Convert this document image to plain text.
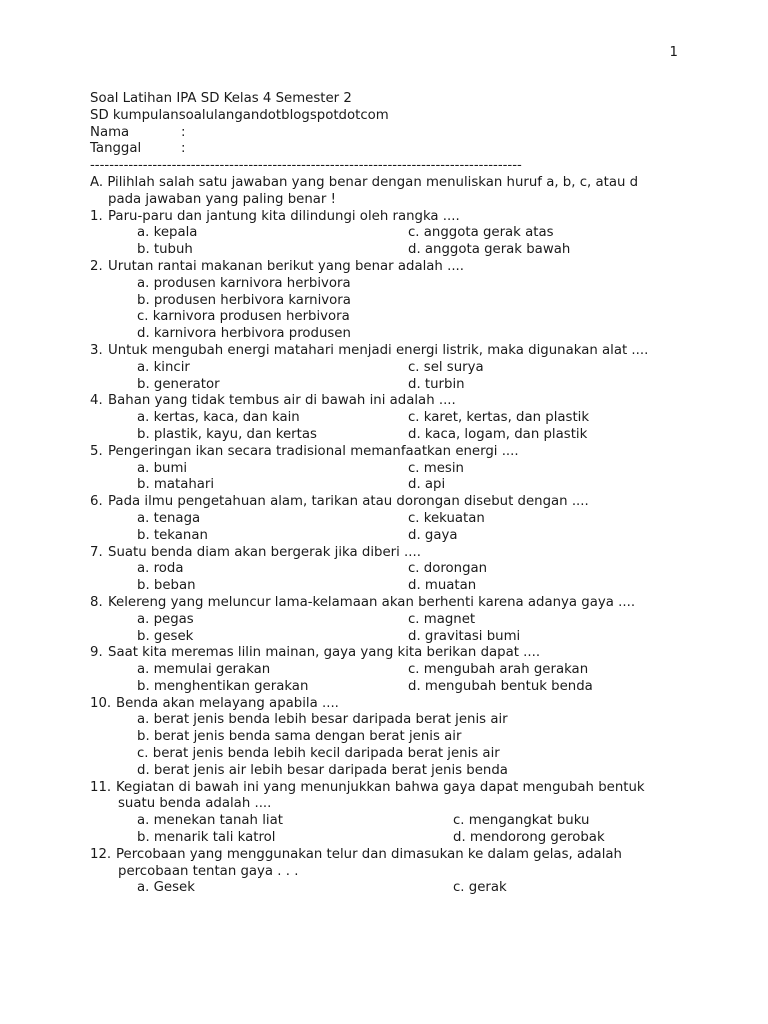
1
Soal Latihan IPA SD Kelas 4 Semester 2
SD kumpulansoalulangandotblogspotdotcom
Nama	:
Tanggal	:
------------------------------------------------------------------------------------------
A. Pilihlah salah satu jawaban yang benar dengan menuliskan huruf a, b, c, atau d
pada jawaban yang paling benar !
1. Paru-paru dan jantung kita dilindungi oleh rangka ....
a. kepala	c. anggota gerak atas
b. tubuh	d. anggota gerak bawah
2. Urutan rantai makanan berikut yang benar adalah ....
a. produsen karnivora herbivora
b. produsen herbivora karnivora
c. karnivora produsen herbivora
d. karnivora herbivora produsen
3. Untuk mengubah energi matahari menjadi energi listrik, maka digunakan alat ....
a. kincir	c. sel surya
b. generator	d. turbin
4. Bahan yang tidak tembus air di bawah ini adalah ....
a. kertas, kaca, dan kain	c. karet, kertas, dan plastik
b. plastik, kayu, dan kertas	d. kaca, logam, dan plastik
5. Pengeringan ikan secara tradisional memanfaatkan energi ....
a. bumi	c. mesin
b. matahari	d. api
6. Pada ilmu pengetahuan alam, tarikan atau dorongan disebut dengan ....
a. tenaga	c. kekuatan
b. tekanan	d. gaya
7. Suatu benda diam akan bergerak jika diberi ....
a. roda	c. dorongan
b. beban	d. muatan
8. Kelereng yang meluncur lama-kelamaan akan berhenti karena adanya gaya ....
a. pegas	c. magnet
b. gesek	d. gravitasi bumi
9. Saat kita meremas lilin mainan, gaya yang kita berikan dapat ....
a. memulai gerakan	c. mengubah arah gerakan
b. menghentikan gerakan	d. mengubah bentuk benda
10. Benda akan melayang apabila ....
a. berat jenis benda lebih besar daripada berat jenis air
b. berat jenis benda sama dengan berat jenis air
c. berat jenis benda lebih kecil daripada berat jenis air
d. berat jenis air lebih besar daripada berat jenis benda
11. Kegiatan di bawah ini yang menunjukkan bahwa gaya dapat mengubah bentuk
suatu benda adalah ....
a. menekan tanah liat	c. mengangkat buku
b. menarik tali katrol	d. mendorong gerobak
12. Percobaan yang menggunakan telur dan dimasukan ke dalam gelas, adalah
percobaan tentan gaya . . .
a. Gesek	c. gerak
